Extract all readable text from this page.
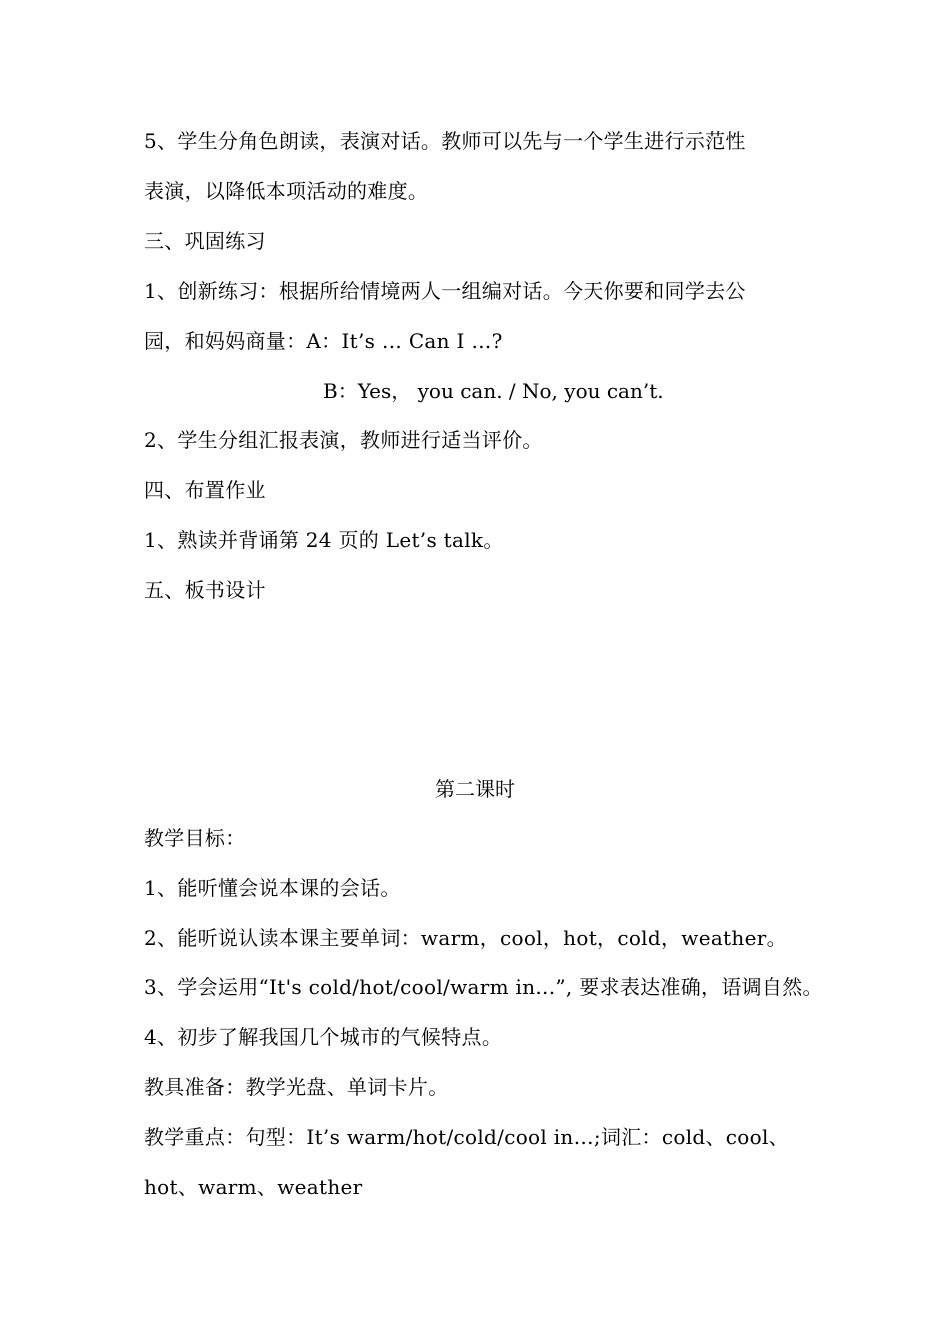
5、学生分角色朗读，表演对话。教师可以先与一个学生进行示范性
表演，以降低本项活动的难度。
三、巩固练习
1、创新练习：根据所给情境两人一组编对话。今天你要和同学去公
园，和妈妈商量：A：It’s … Can I …?
B：Yes， you can. / No, you can’t.
2、学生分组汇报表演，教师进行适当评价。
四、布置作业
1、熟读并背诵第 24 页的 Let’s talk。
五、板书设计
第二课时
教学目标：
1、能听懂会说本课的会话。
2、能听说认读本课主要单词：warm，cool，hot，cold，weather。
3、学会运用“It's cold/hot/cool/warm in...”, 要求表达准确，语调自然。
4、初步了解我国几个城市的气候特点。
教具准备：教学光盘、单词卡片。
教学重点：句型：It’s warm/hot/cold/cool in…;词汇：cold、cool、
hot、warm、weather
